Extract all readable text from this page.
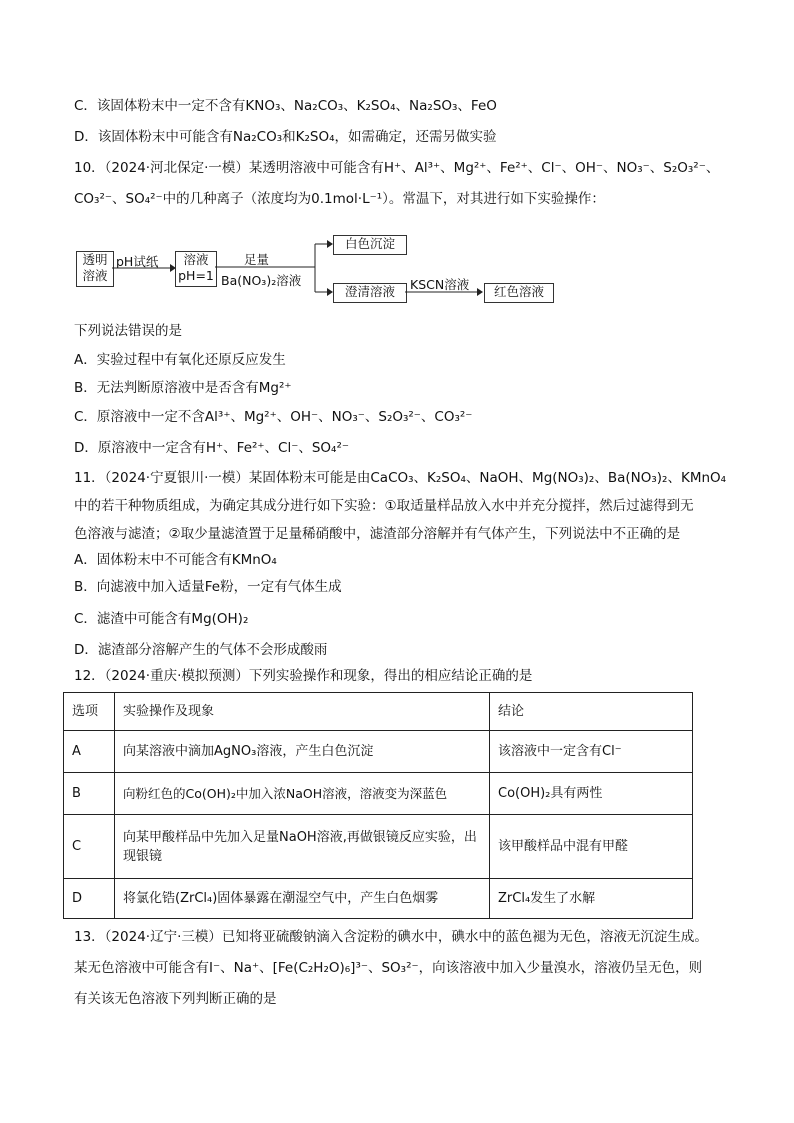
C．该固体粉末中一定不含有KNO₃、Na₂CO₃、K₂SO₄、Na₂SO₃、FeO
D．该固体粉末中可能含有Na₂CO₃和K₂SO₄，如需确定，还需另做实验
10．（2024·河北保定·一模）某透明溶液中可能含有H⁺、Al³⁺、Mg²⁺、Fe²⁺、Cl⁻、OH⁻、NO₃⁻、S₂O₃²⁻、
CO₃²⁻、SO₄²⁻中的几种离子（浓度均为0.1mol·L⁻¹）。常温下，对其进行如下实验操作：
透明
溶液
pH试纸	溶液
pH=1
足量
Ba(NO₃)₂溶液
白色沉淀
澄清溶液	KSCN溶液	红色溶液
下列说法错误的是
A．实验过程中有氧化还原反应发生
B．无法判断原溶液中是否含有Mg²⁺
C．原溶液中一定不含Al³⁺、Mg²⁺、OH⁻、NO₃⁻、S₂O₃²⁻、CO₃²⁻
D．原溶液中一定含有H⁺、Fe²⁺、Cl⁻、SO₄²⁻
11．（2024·宁夏银川·一模）某固体粉末可能是由CaCO₃、K₂SO₄、NaOH、Mg(NO₃)₂、Ba(NO₃)₂、KMnO₄
中的若干种物质组成，为确定其成分进行如下实验：①取适量样品放入水中并充分搅拌，然后过滤得到无
色溶液与滤渣；②取少量滤渣置于足量稀硝酸中，滤渣部分溶解并有气体产生，下列说法中不正确的是
A．固体粉末中不可能含有KMnO₄
B．向滤液中加入适量Fe粉，一定有气体生成
C．滤渣中可能含有Mg(OH)₂
D．滤渣部分溶解产生的气体不会形成酸雨
12．（2024·重庆·模拟预测）下列实验操作和现象，得出的相应结论正确的是
选项	实验操作及现象	结论
A	向某溶液中滴加AgNO₃溶液，产生白色沉淀	该溶液中一定含有Cl⁻
B	向粉红色的Co(OH)₂中加入浓NaOH溶液，溶液变为深蓝色	Co(OH)₂具有两性
C	向某甲酸样品中先加入足量NaOH溶液,再做银镜反应实验，出现银镜	该甲酸样品中混有甲醛
D	将氯化锆(ZrCl₄)固体暴露在潮湿空气中，产生白色烟雾	ZrCl₄发生了水解
13．（2024·辽宁·三模）已知将亚硫酸钠滴入含淀粉的碘水中，碘水中的蓝色褪为无色，溶液无沉淀生成。
某无色溶液中可能含有I⁻、Na⁺、[Fe(C₂H₂O)₆]³⁻、SO₃²⁻，向该溶液中加入少量溴水，溶液仍呈无色，则
有关该无色溶液下列判断正确的是
